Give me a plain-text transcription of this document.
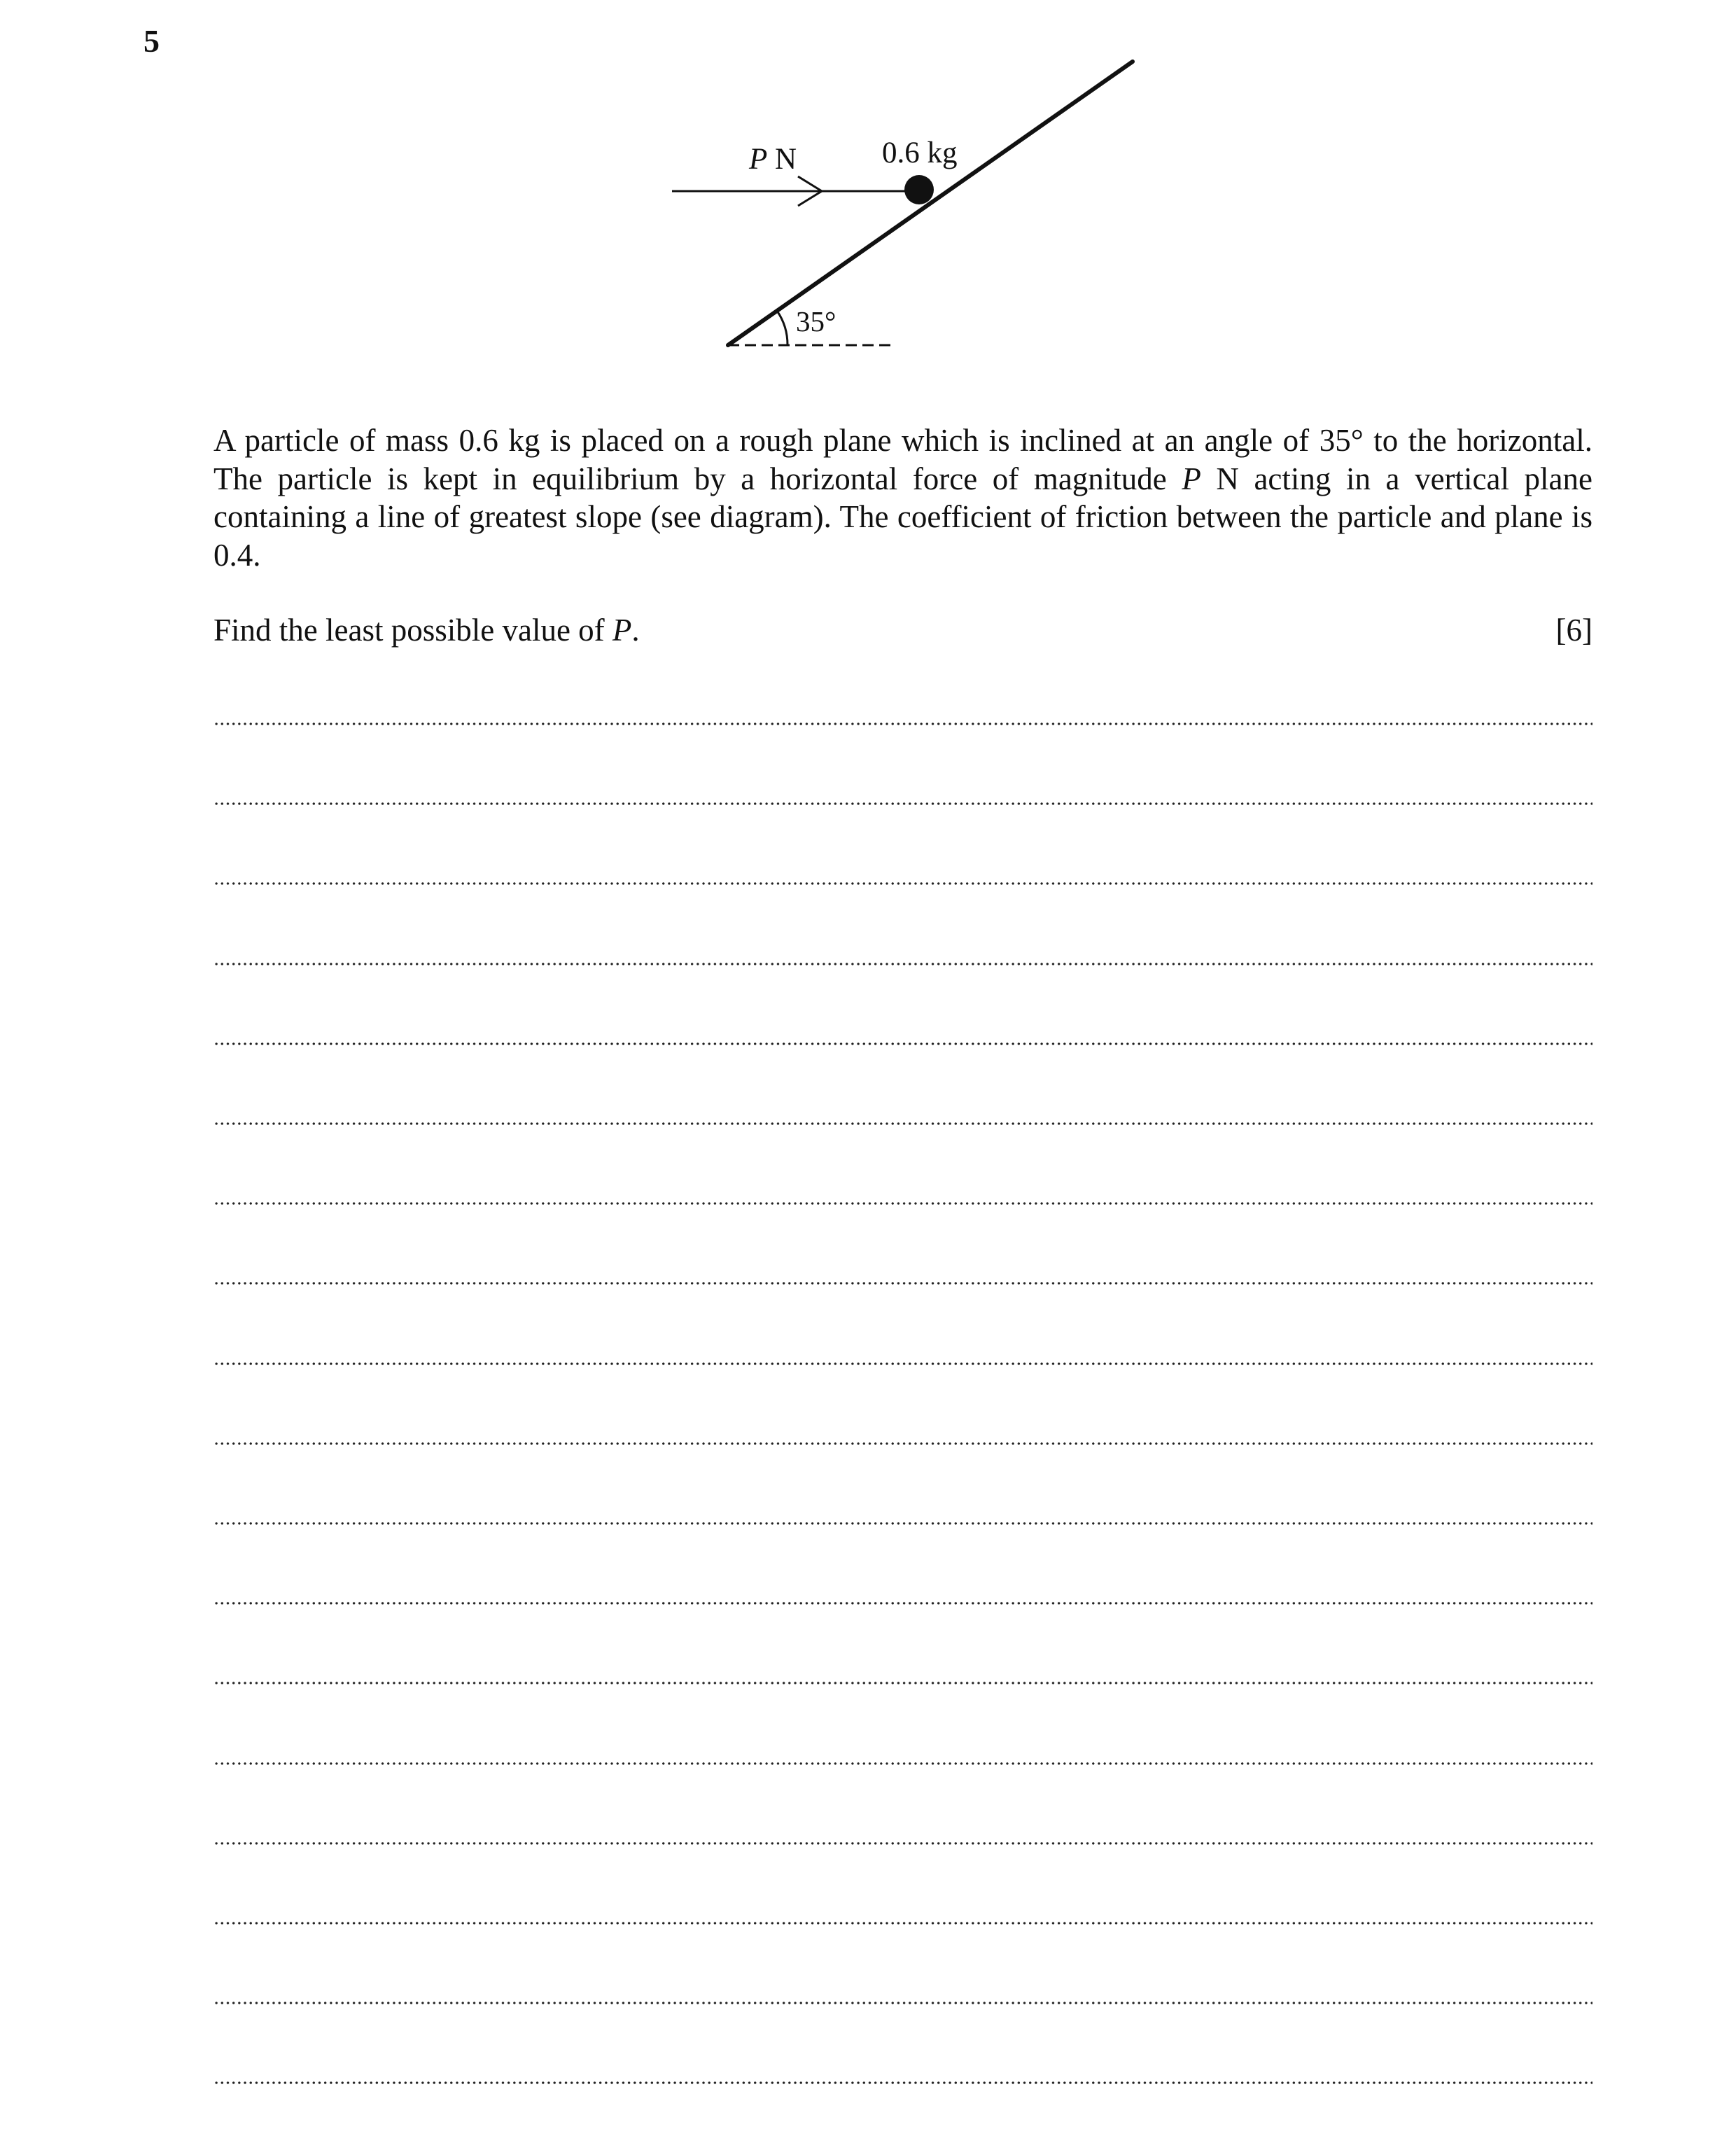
5
P N	0.6 kg
35°
A particle of mass 0.6 kg is placed on a rough plane which is inclined at an angle of 35° to the horizontal. The particle is kept in equilibrium by a horizontal force of magnitude P N acting in a vertical plane containing a line of greatest slope (see diagram). The coefficient of friction between the particle and plane is 0.4.
Find the least possible value of P.	[6]
